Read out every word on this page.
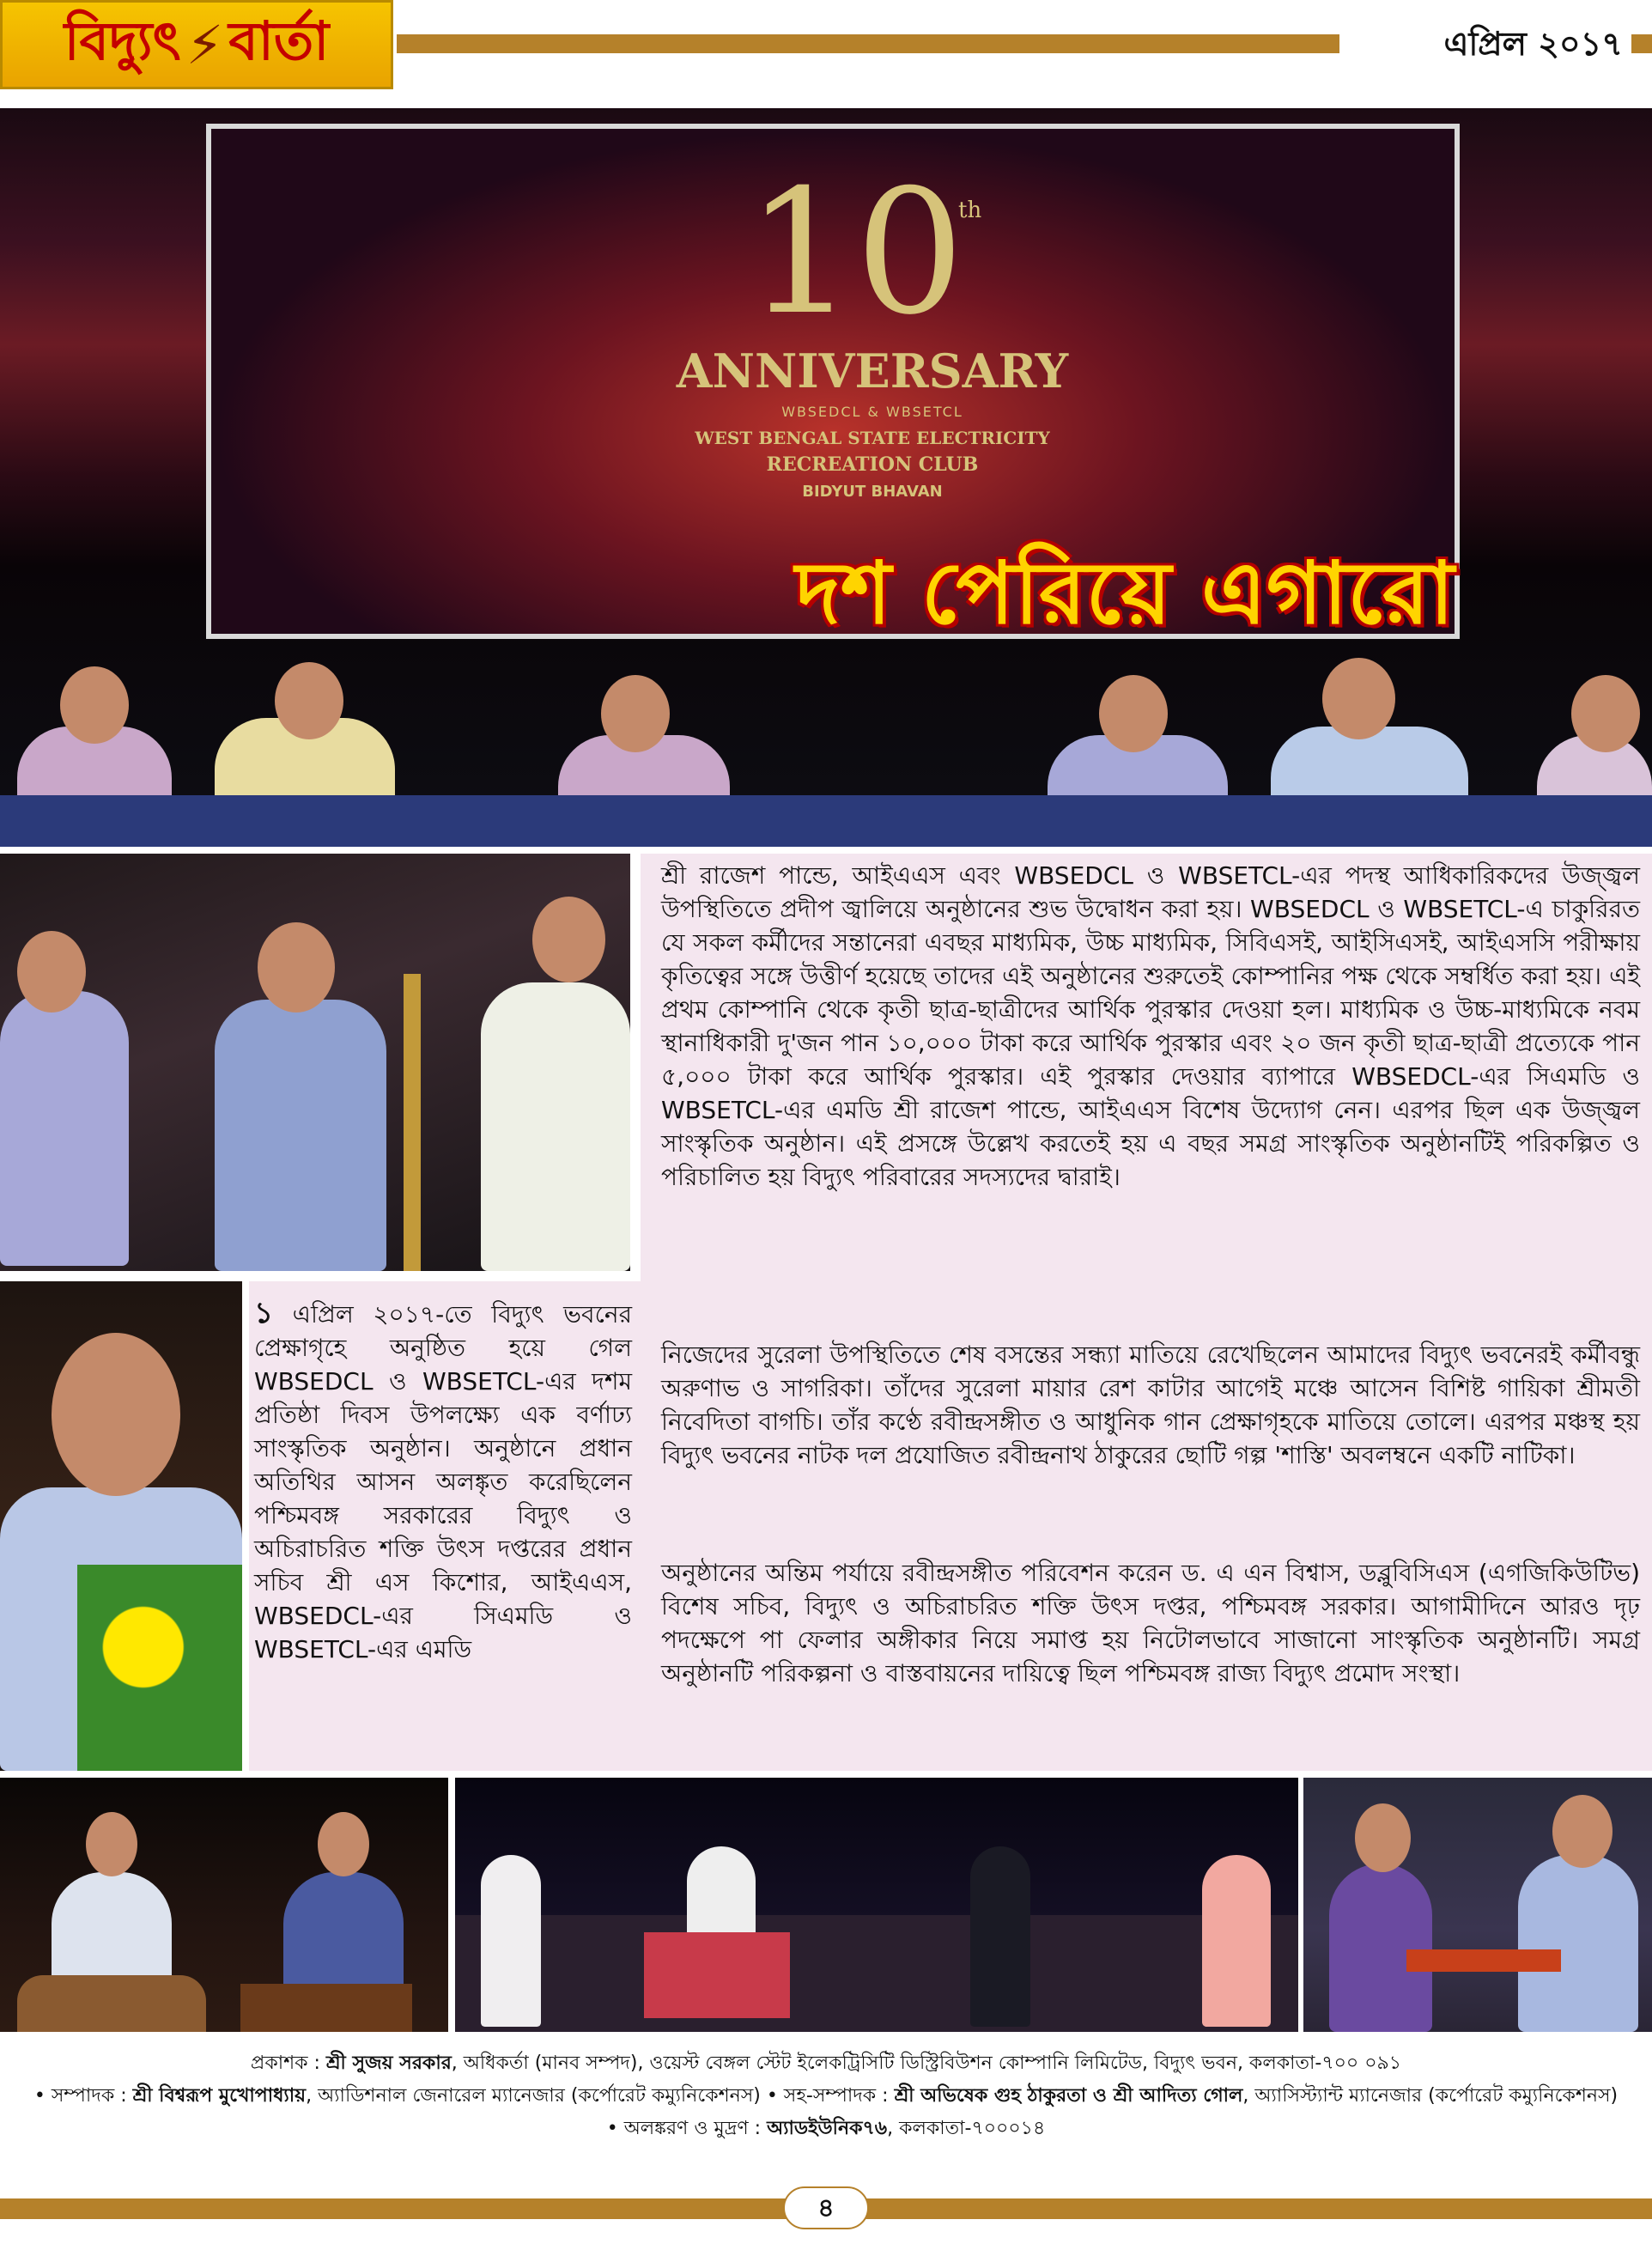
বিদ্যুৎ ⚡ বার্তা	এপ্রিল ২০১৭
10
th
ANNIVERSARY
WBSEDCL & WBSETCL
WEST BENGAL STATE ELECTRICITY
RECREATION CLUB
BIDYUT BHAVAN
দশ পেরিয়ে এগারো

১ এপ্রিল ২০১৭-তে বিদ্যুৎ ভবনের প্রেক্ষাগৃহে অনুষ্ঠিত হয়ে গেল WBSEDCL ও WBSETCL-এর দশম প্রতিষ্ঠা দিবস উপলক্ষ্যে এক বর্ণাঢ্য সাংস্কৃতিক অনুষ্ঠান। অনুষ্ঠানে প্রধান অতিথির আসন অলঙ্কৃত করেছিলেন পশ্চিমবঙ্গ সরকারের বিদ্যুৎ ও অচিরাচরিত শক্তি উৎস দপ্তরের প্রধান সচিব শ্রী এস কিশোর, আইএএস, WBSEDCL-এর সিএমডি ও WBSETCL-এর এমডি

শ্রী রাজেশ পান্ডে, আইএএস এবং WBSEDCL ও WBSETCL-এর পদস্থ আধিকারিকদের উজ্জ্বল উপস্থিতিতে প্রদীপ জ্বালিয়ে অনুষ্ঠানের শুভ উদ্বোধন করা হয়। WBSEDCL ও WBSETCL-এ চাকুরিরত যে সকল কর্মীদের সন্তানেরা এবছর মাধ্যমিক, উচ্চ মাধ্যমিক, সিবিএসই, আইসিএসই, আইএসসি পরীক্ষায় কৃতিত্বের সঙ্গে উত্তীর্ণ হয়েছে তাদের এই অনুষ্ঠানের শুরুতেই কোম্পানির পক্ষ থেকে সম্বর্ধিত করা হয়। এই প্রথম কোম্পানি থেকে কৃতী ছাত্র-ছাত্রীদের আর্থিক পুরস্কার দেওয়া হল। মাধ্যমিক ও উচ্চ-মাধ্যমিকে নবম স্থানাধিকারী দু'জন পান ১০,০০০ টাকা করে আর্থিক পুরস্কার এবং ২০ জন কৃতী ছাত্র-ছাত্রী প্রত্যেকে পান ৫,০০০ টাকা করে আর্থিক পুরস্কার। এই পুরস্কার দেওয়ার ব্যাপারে WBSEDCL-এর সিএমডি ও WBSETCL-এর এমডি শ্রী রাজেশ পান্ডে, আইএএস বিশেষ উদ্যোগ নেন। এরপর ছিল এক উজ্জ্বল সাংস্কৃতিক অনুষ্ঠান। এই প্রসঙ্গে উল্লেখ করতেই হয় এ বছর সমগ্র সাংস্কৃতিক অনুষ্ঠানটিই পরিকল্পিত ও পরিচালিত হয় বিদ্যুৎ পরিবারের সদস্যদের দ্বারাই।

নিজেদের সুরেলা উপস্থিতিতে শেষ বসন্তের সন্ধ্যা মাতিয়ে রেখেছিলেন আমাদের বিদ্যুৎ ভবনেরই কর্মীবন্ধু অরুণাভ ও সাগরিকা। তাঁদের সুরেলা মায়ার রেশ কাটার আগেই মঞ্চে আসেন বিশিষ্ট গায়িকা শ্রীমতী নিবেদিতা বাগচি। তাঁর কণ্ঠে রবীন্দ্রসঙ্গীত ও আধুনিক গান প্রেক্ষাগৃহকে মাতিয়ে তোলে। এরপর মঞ্চস্থ হয় বিদ্যুৎ ভবনের নাটক দল প্রযোজিত রবীন্দ্রনাথ ঠাকুরের ছোটি গল্প 'শাস্তি' অবলম্বনে একটি নাটিকা।

অনুষ্ঠানের অন্তিম পর্যায়ে রবীন্দ্রসঙ্গীত পরিবেশন করেন ড. এ এন বিশ্বাস, ডব্লুবিসিএস (এগজিকিউটিভ) বিশেষ সচিব, বিদ্যুৎ ও অচিরাচরিত শক্তি উৎস দপ্তর, পশ্চিমবঙ্গ সরকার। আগামীদিনে আরও দৃঢ় পদক্ষেপে পা ফেলার অঙ্গীকার নিয়ে সমাপ্ত হয় নিটোলভাবে সাজানো সাংস্কৃতিক অনুষ্ঠানটি। সমগ্র অনুষ্ঠানটি পরিকল্পনা ও বাস্তবায়নের দায়িত্বে ছিল পশ্চিমবঙ্গ রাজ্য বিদ্যুৎ প্রমোদ সংস্থা।

প্রকাশক : শ্রী সুজয় সরকার, অধিকর্তা (মানব সম্পদ), ওয়েস্ট বেঙ্গল স্টেট ইলেকট্রিসিটি ডিস্ট্রিবিউশন কোম্পানি লিমিটেড, বিদ্যুৎ ভবন, কলকাতা-৭০০ ০৯১
• সম্পাদক : শ্রী বিশ্বরূপ মুখোপাধ্যায়, অ্যাডিশনাল জেনারেল ম্যানেজার (কর্পোরেট কম্যুনিকেশনস) • সহ-সম্পাদক : শ্রী অভিষেক গুহ ঠাকুরতা ও শ্রী আদিত্য গোল, অ্যাসিস্ট্যান্ট ম্যানেজার (কর্পোরেট কম্যুনিকেশনস)
• অলঙ্করণ ও মুদ্রণ : অ্যাডইউনিক৭৬, কলকাতা-৭০০০১৪
৪
